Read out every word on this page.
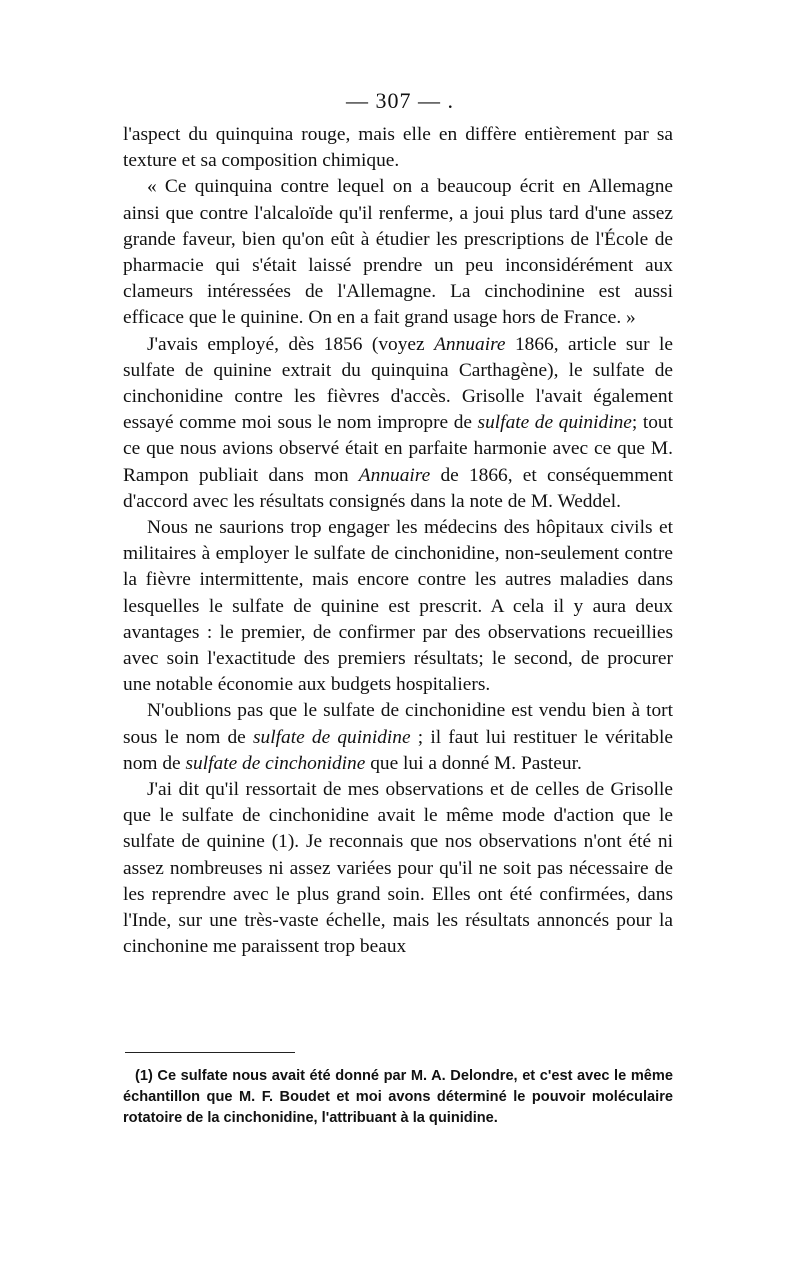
— 307 — .

l'aspect du quinquina rouge, mais elle en diffère entièrement par sa texture et sa composition chimique.

« Ce quinquina contre lequel on a beaucoup écrit en Allemagne ainsi que contre l'alcaloïde qu'il renferme, a joui plus tard d'une assez grande faveur, bien qu'on eût à étudier les prescriptions de l'École de pharmacie qui s'était laissé prendre un peu inconsidérément aux clameurs intéressées de l'Allemagne. La cinchodinine est aussi efficace que le quinine. On en a fait grand usage hors de France. »

J'avais employé, dès 1856 (voyez Annuaire 1866, article sur le sulfate de quinine extrait du quinquina Carthagène), le sulfate de cinchonidine contre les fièvres d'accès. Grisolle l'avait également essayé comme moi sous le nom impropre de sulfate de quinidine; tout ce que nous avions observé était en parfaite harmonie avec ce que M. Rampon publiait dans mon Annuaire de 1866, et conséquemment d'accord avec les résultats consignés dans la note de M. Weddel.

Nous ne saurions trop engager les médecins des hôpitaux civils et militaires à employer le sulfate de cinchonidine, non-seulement contre la fièvre intermittente, mais encore contre les autres maladies dans lesquelles le sulfate de quinine est prescrit. A cela il y aura deux avantages : le premier, de confirmer par des observations recueillies avec soin l'exactitude des premiers résultats; le second, de procurer une notable économie aux budgets hospitaliers.

N'oublions pas que le sulfate de cinchonidine est vendu bien à tort sous le nom de sulfate de quinidine ; il faut lui restituer le véritable nom de sulfate de cinchonidine que lui a donné M. Pasteur.

J'ai dit qu'il ressortait de mes observations et de celles de Grisolle que le sulfate de cinchonidine avait le même mode d'action que le sulfate de quinine (1). Je reconnais que nos observations n'ont été ni assez nombreuses ni assez variées pour qu'il ne soit pas nécessaire de les reprendre avec le plus grand soin. Elles ont été confirmées, dans l'Inde, sur une très-vaste échelle, mais les résultats annoncés pour la cinchonine me paraissent trop beaux

(1) Ce sulfate nous avait été donné par M. A. Delondre, et c'est avec le même échantillon que M. F. Boudet et moi avons déterminé le pouvoir moléculaire rotatoire de la cinchonidine, l'attribuant à la quinidine.
